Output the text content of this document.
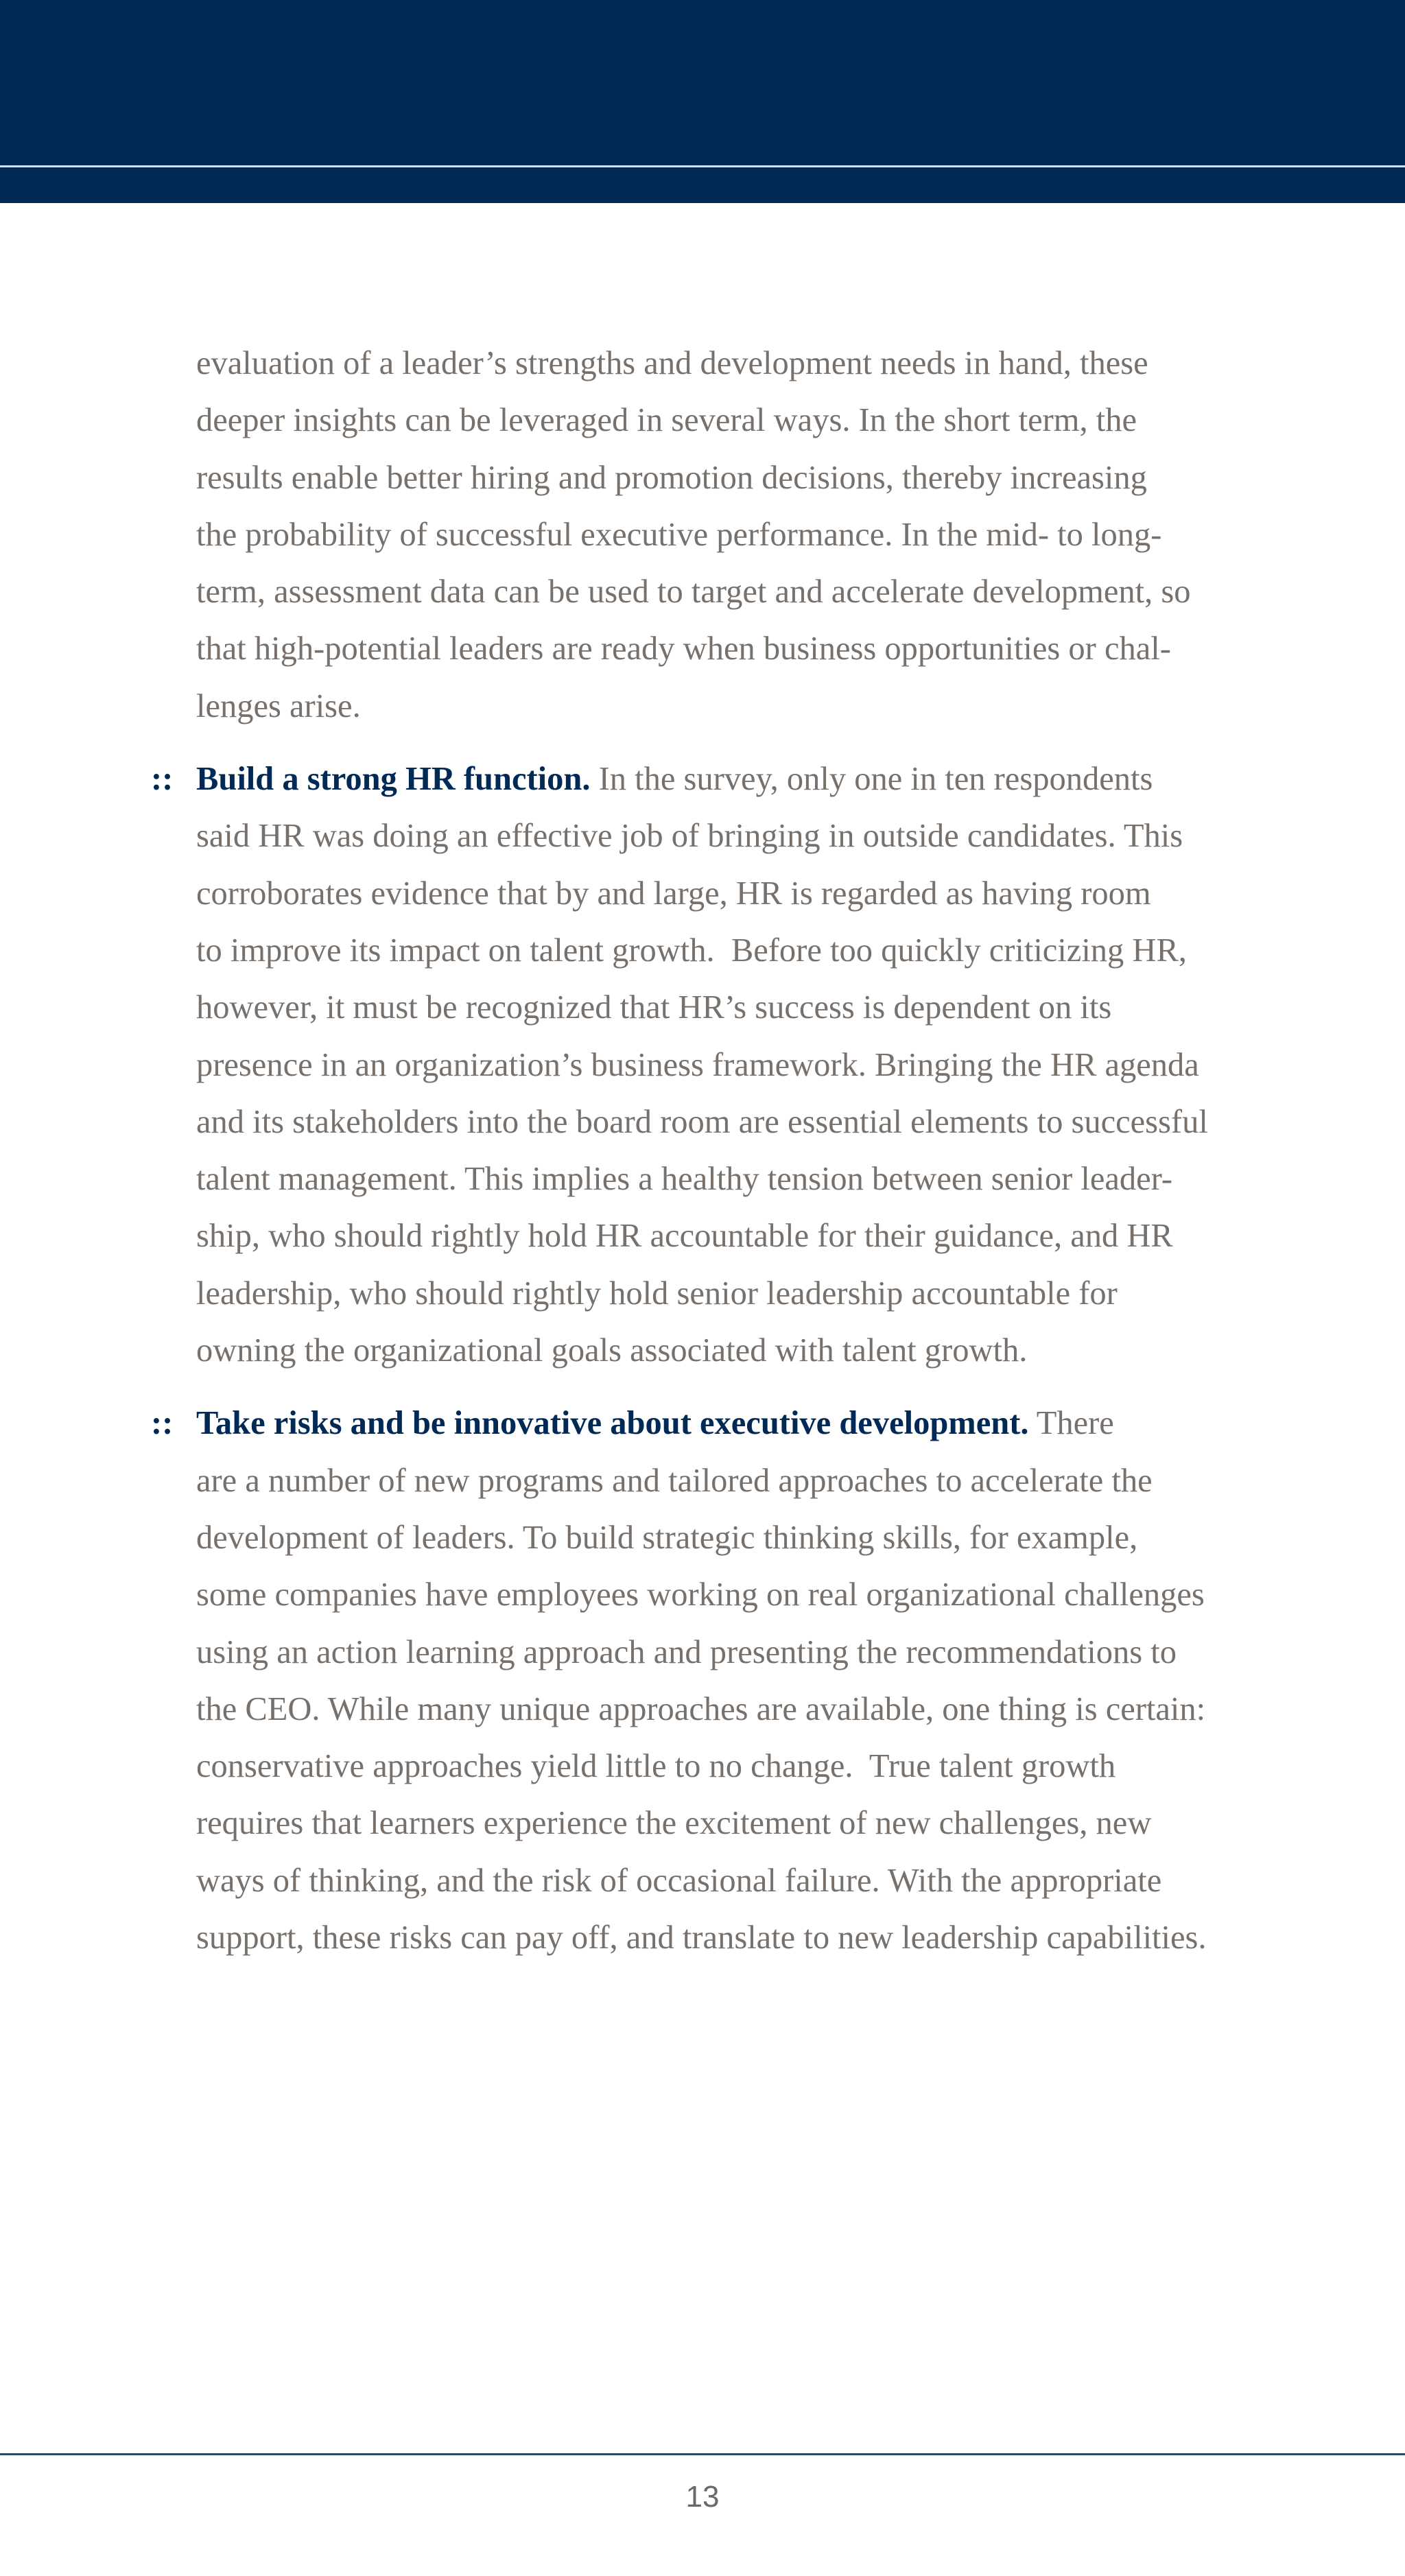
evaluation of a leader’s strengths and development needs in hand, these
deeper insights can be leveraged in several ways. In the short term, the
results enable better hiring and promotion decisions, thereby increasing
the probability of successful executive performance. In the mid- to long-
term, assessment data can be used to target and accelerate development, so
that high-potential leaders are ready when business opportunities or chal-
lenges arise.

:: Build a strong HR function. In the survey, only one in ten respondents
said HR was doing an effective job of bringing in outside candidates. This
corroborates evidence that by and large, HR is regarded as having room
to improve its impact on talent growth.  Before too quickly criticizing HR,
however, it must be recognized that HR’s success is dependent on its
presence in an organization’s business framework. Bringing the HR agenda
and its stakeholders into the board room are essential elements to successful
talent management. This implies a healthy tension between senior leader-
ship, who should rightly hold HR accountable for their guidance, and HR
leadership, who should rightly hold senior leadership accountable for
owning the organizational goals associated with talent growth.

:: Take risks and be innovative about executive development. There
are a number of new programs and tailored approaches to accelerate the
development of leaders. To build strategic thinking skills, for example,
some companies have employees working on real organizational challenges
using an action learning approach and presenting the recommendations to
the CEO. While many unique approaches are available, one thing is certain:
conservative approaches yield little to no change.  True talent growth
requires that learners experience the excitement of new challenges, new
ways of thinking, and the risk of occasional failure. With the appropriate
support, these risks can pay off, and translate to new leadership capabilities.

13
